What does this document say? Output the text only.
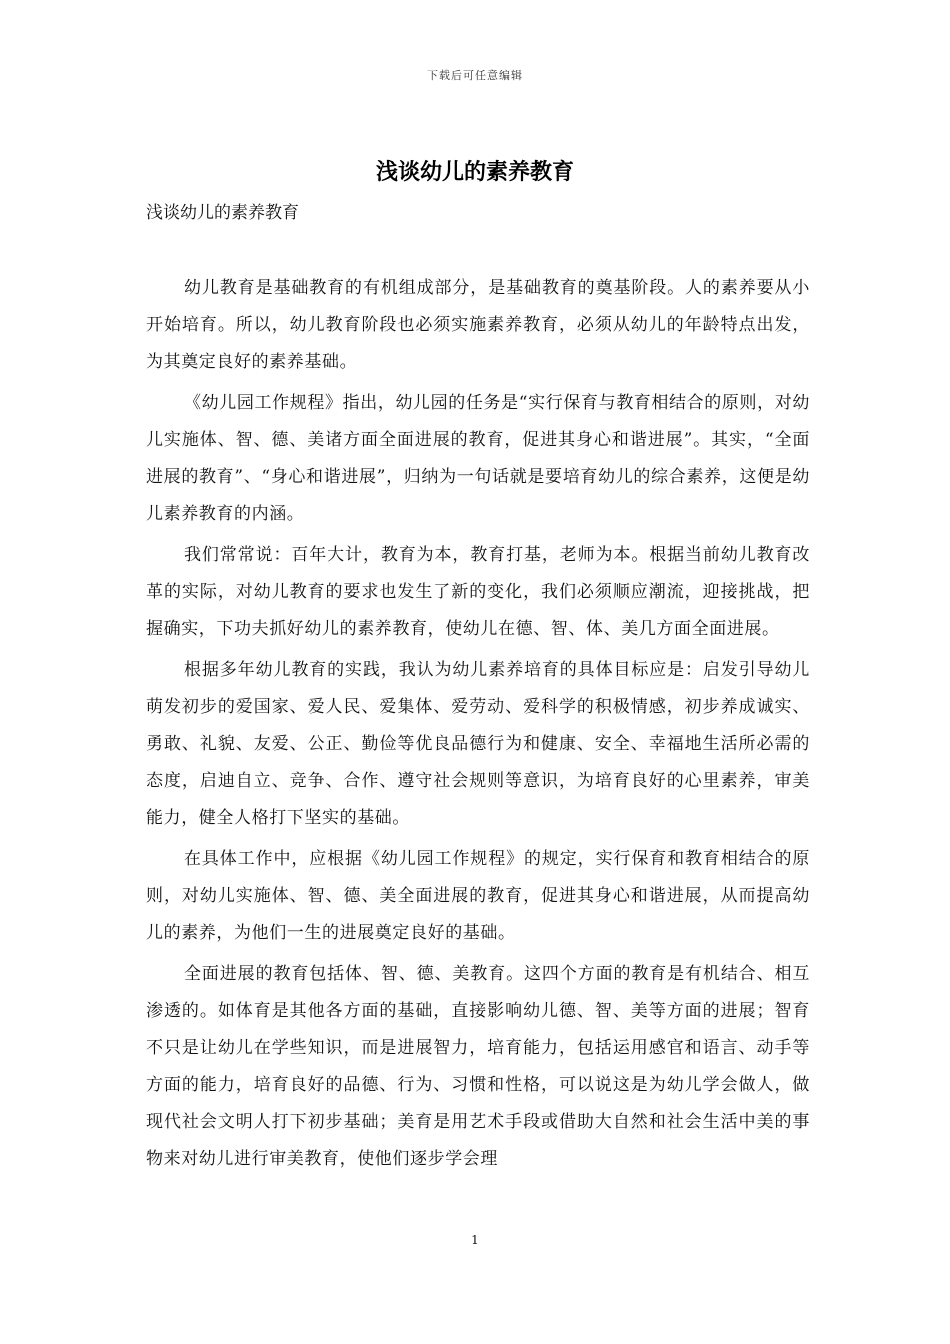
下载后可任意编辑
浅谈幼儿的素养教育
浅谈幼儿的素养教育

幼儿教育是基础教育的有机组成部分，是基础教育的奠基阶段。人的素养要从小开始培育。所以，幼儿教育阶段也必须实施素养教育，必须从幼儿的年龄特点出发，为其奠定良好的素养基础。

《幼儿园工作规程》指出，幼儿园的任务是“实行保育与教育相结合的原则，对幼儿实施体、智、德、美诸方面全面进展的教育，促进其身心和谐进展”。其实，“全面进展的教育”、“身心和谐进展”，归纳为一句话就是要培育幼儿的综合素养，这便是幼儿素养教育的内涵。

我们常常说：百年大计，教育为本，教育打基，老师为本。根据当前幼儿教育改革的实际，对幼儿教育的要求也发生了新的变化，我们必须顺应潮流，迎接挑战，把握确实，下功夫抓好幼儿的素养教育，使幼儿在德、智、体、美几方面全面进展。

根据多年幼儿教育的实践，我认为幼儿素养培育的具体目标应是：启发引导幼儿萌发初步的爱国家、爱人民、爱集体、爱劳动、爱科学的积极情感，初步养成诚实、勇敢、礼貌、友爱、公正、勤俭等优良品德行为和健康、安全、幸福地生活所必需的态度，启迪自立、竞争、合作、遵守社会规则等意识，为培育良好的心里素养，审美能力，健全人格打下坚实的基础。

在具体工作中，应根据《幼儿园工作规程》的规定，实行保育和教育相结合的原则，对幼儿实施体、智、德、美全面进展的教育，促进其身心和谐进展，从而提高幼儿的素养，为他们一生的进展奠定良好的基础。

全面进展的教育包括体、智、德、美教育。这四个方面的教育是有机结合、相互渗透的。如体育是其他各方面的基础，直接影响幼儿德、智、美等方面的进展；智育不只是让幼儿在学些知识，而是进展智力，培育能力，包括运用感官和语言、动手等方面的能力，培育良好的品德、行为、习惯和性格，可以说这是为幼儿学会做人，做现代社会文明人打下初步基础；美育是用艺术手段或借助大自然和社会生活中美的事物来对幼儿进行审美教育，使他们逐步学会理

1
